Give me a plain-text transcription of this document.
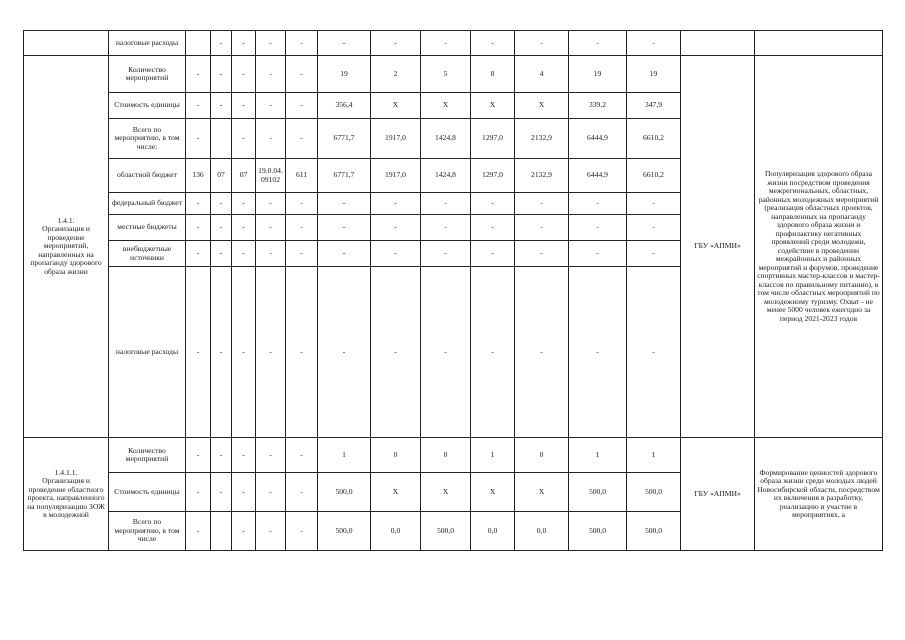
	налоговые расходы		-	-	-	-	-	-	-	-	-	-	-		

1.4.1.
Организация и проведение мероприятий, направленных на пропаганду здорового образа жизни	Количество мероприятий	-	-	-	-	-	19	2	5	8	4	19	19	ГБУ «АПМИ»	Популяризация здорового образа жизни посредством проведения межрегиональных, областных, районных молодежных мероприятий (реализация областных проектов, направленных на пропаганду здорового образа жизни и профилактику негативных проявлений среди молодежи, содействие в проведении межрайонных и районных мероприятий и форумов, проведение спортивных мастер-классов и мастер-классов по правильному питанию), в том числе областных мероприятий по молодежному туризму. Охват - не менее 5000 человек ежегодно за период 2021-2023 годов
	Стоимость единицы	-	-	-	-	-	356,4	X	X	X	X	339,2	347,9		
	Всего по мероприятию, в том числе:	-		-	-	-	6771,7	1917,0	1424,8	1297,0	2132,9	6444,9	6610,2		
	областной бюджет	136	07	07	19.0.04.09102	611	6771,7	1917,0	1424,8	1297,0	2132,9	6444,9	6610,2		
	федеральный бюджет	-	-	-	-	-	-	-	-	-	-	-	-		
	местные бюджеты	-	-	-	-	-	-	-	-	-	-	-	-		
	внебюджетные источники	-	-	-	-	-	-	-	-	-	-	-	-		
	налоговые расходы	-	-	-	-	-	-	-	-	-	-	-	-		

1.4.1.1.
Организация и проведение областного проекта, направленного на популяризацию ЗОЖ в молодежной	Количество мероприятий	-	-	-	-	-	1	0	0	1	0	1	1	ГБУ «АПМИ»	Формирование ценностей здорового образа жизни среди молодых людей Новосибирской области, посредством их включения в разработку, реализацию и участие в мероприятиях, а
	Стоимость единицы	-	-	-	-	-	500,0	X	X	X	X	500,0	500,0		
	Всего по мероприятию, в том числе	-		-	-	-	500,0	0,0	500,0	0,0	0,0	500,0	500,0		
